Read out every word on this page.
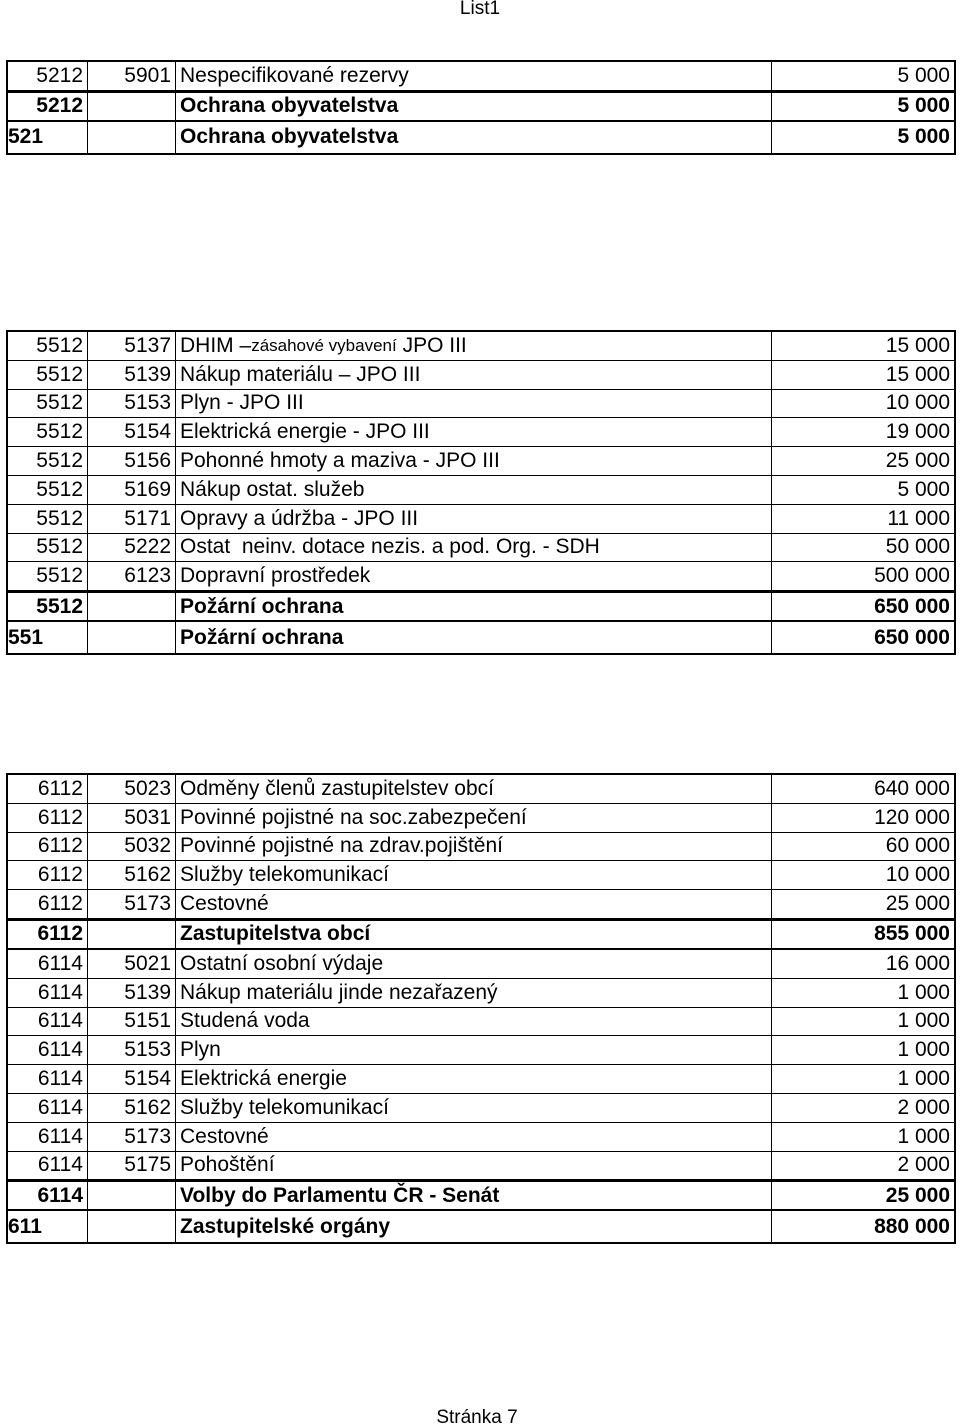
List1
5212	5901 Nespecifikované rezervy	5 000
5212	Ochrana obyvatelstva	5 000
521	Ochrana obyvatelstva	5 000
5512	5137 DHIM – zásahové vybavení JPO III	15 000
5512	5139 Nákup materiálu – JPO III	15 000
5512	5153 Plyn - JPO III	10 000
5512	5154 Elektrická energie - JPO III	19 000
5512	5156 Pohonné hmoty a maziva - JPO III	25 000
5512	5169 Nákup ostat. služeb	5 000
5512	5171 Opravy a údržba - JPO III	11 000
5512	5222 Ostat  neinv. dotace nezis. a pod. Org. - SDH	50 000
5512	6123 Dopravní prostředek	500 000
5512	Požární ochrana	650 000
551	Požární ochrana	650 000
6112	5023 Odměny členů zastupitelstev obcí	640 000
6112	5031 Povinné pojistné na soc.zabezpečení	120 000
6112	5032 Povinné pojistné na zdrav.pojištění	60 000
6112	5162 Služby telekomunikací	10 000
6112	5173 Cestovné	25 000
6112	Zastupitelstva obcí	855 000
6114	5021 Ostatní osobní výdaje	16 000
6114	5139 Nákup materiálu jinde nezařazený	1 000
6114	5151 Studená voda	1 000
6114	5153 Plyn	1 000
6114	5154 Elektrická energie	1 000
6114	5162 Služby telekomunikací	2 000
6114	5173 Cestovné	1 000
6114	5175 Pohoštění	2 000
6114	Volby do Parlamentu ČR - Senát	25 000
611	Zastupitelské orgány	880 000
Stránka 7
